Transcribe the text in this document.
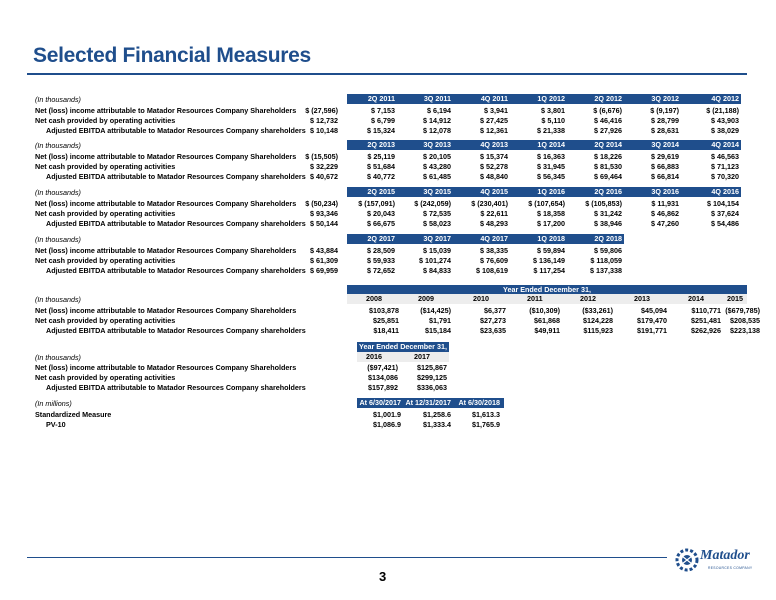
Selected Financial Measures
(In thousands)	1Q 2011	2Q 2011	3Q 2011	4Q 2011	1Q 2012	2Q 2012	3Q 2012	4Q 2012
Net (loss) income attributable to Matador Resources Company Shareholders	$ (27,596)	$ 7,153	$ 6,194	$ 3,941	$ 3,801	$ (6,676)	$ (9,197)	$ (21,188)
Net cash provided by operating activities	$ 12,732	$ 6,799	$ 14,912	$ 27,425	$ 5,110	$ 46,416	$ 28,799	$ 43,903
Adjusted EBITDA attributable to Matador Resources Company shareholders $ 10,148	$ 15,324	$ 12,078	$ 12,361	$ 21,338	$ 27,926	$ 28,631	$ 38,029
(In thousands)	1Q 2013	2Q 2013	3Q 2013	4Q 2013	1Q 2014	2Q 2014	3Q 2014	4Q 2014
Net (loss) income attributable to Matador Resources Company Shareholders	$ (15,505)	$ 25,119	$ 20,105	$ 15,374	$ 16,363	$ 18,226	$ 29,619	$ 46,563
Net cash provided by operating activities	$ 32,229	$ 51,684	$ 43,280	$ 52,278	$ 31,945	$ 81,530	$ 66,883	$ 71,123
Adjusted EBITDA attributable to Matador Resources Company shareholders $ 40,672	$ 40,772	$ 61,485	$ 48,840	$ 56,345	$ 69,464	$ 66,814	$ 70,320
(In thousands)	1Q 2015	2Q 2015	3Q 2015	4Q 2015	1Q 2016	2Q 2016	3Q 2016	4Q 2016
Net (loss) income attributable to Matador Resources Company Shareholders	$ (50,234)	$ (157,091)	$ (242,059)	$ (230,401)	$ (107,654)	$ (105,853)	$ 11,931	$ 104,154
Net cash provided by operating activities	$ 93,346	$ 20,043	$ 72,535	$ 22,611	$ 18,358	$ 31,242	$ 46,862	$ 37,624
Adjusted EBITDA attributable to Matador Resources Company shareholders $ 50,144	$ 66,675	$ 58,023	$ 48,293	$ 17,200	$ 38,946	$ 47,260	$ 54,486
(In thousands)	1Q 2017	2Q 2017	3Q 2017	4Q 2017	1Q 2018	2Q 2018
Net (loss) income attributable to Matador Resources Company Shareholders	$ 43,884	$ 28,509	$ 15,039	$ 38,335	$ 59,894	$ 59,806
Net cash provided by operating activities	$ 61,309	$ 59,933	$ 101,274	$ 76,609	$ 136,149	$ 118,059
Adjusted EBITDA attributable to Matador Resources Company shareholders $ 69,959	$ 72,652	$ 84,833	$ 108,619	$ 117,254	$ 137,338
Year Ended December 31,
(In thousands)	2008	2009	2010	2011	2012	2013	2014	2015
Net (loss) income attributable to Matador Resources Company Shareholders	$103,878	($14,425)	$6,377	($10,309)	($33,261)	$45,094	$110,771 ($679,785)
Net cash provided by operating activities	$25,851	$1,791	$27,273	$61,868	$124,228	$179,470	$251,481	$208,535
Adjusted EBITDA attributable to Matador Resources Company shareholders	$18,411	$15,184	$23,635	$49,911	$115,923	$191,771	$262,926	$223,138
Year Ended December 31,
(In thousands)	2016	2017
Net (loss) income attributable to Matador Resources Company Shareholders	($97,421)	$125,867
Net cash provided by operating activities	$134,086	$299,125
Adjusted EBITDA attributable to Matador Resources Company shareholders	$157,892	$336,063
(In millions)	At 6/30/2017 At 12/31/2017	At 6/30/2018
Standardized Measure	$1,001.9	$1,258.6	$1,613.3
PV-10	$1,086.9	$1,333.4	$1,765.9
3
Matador
RESOURCES COMPANY
